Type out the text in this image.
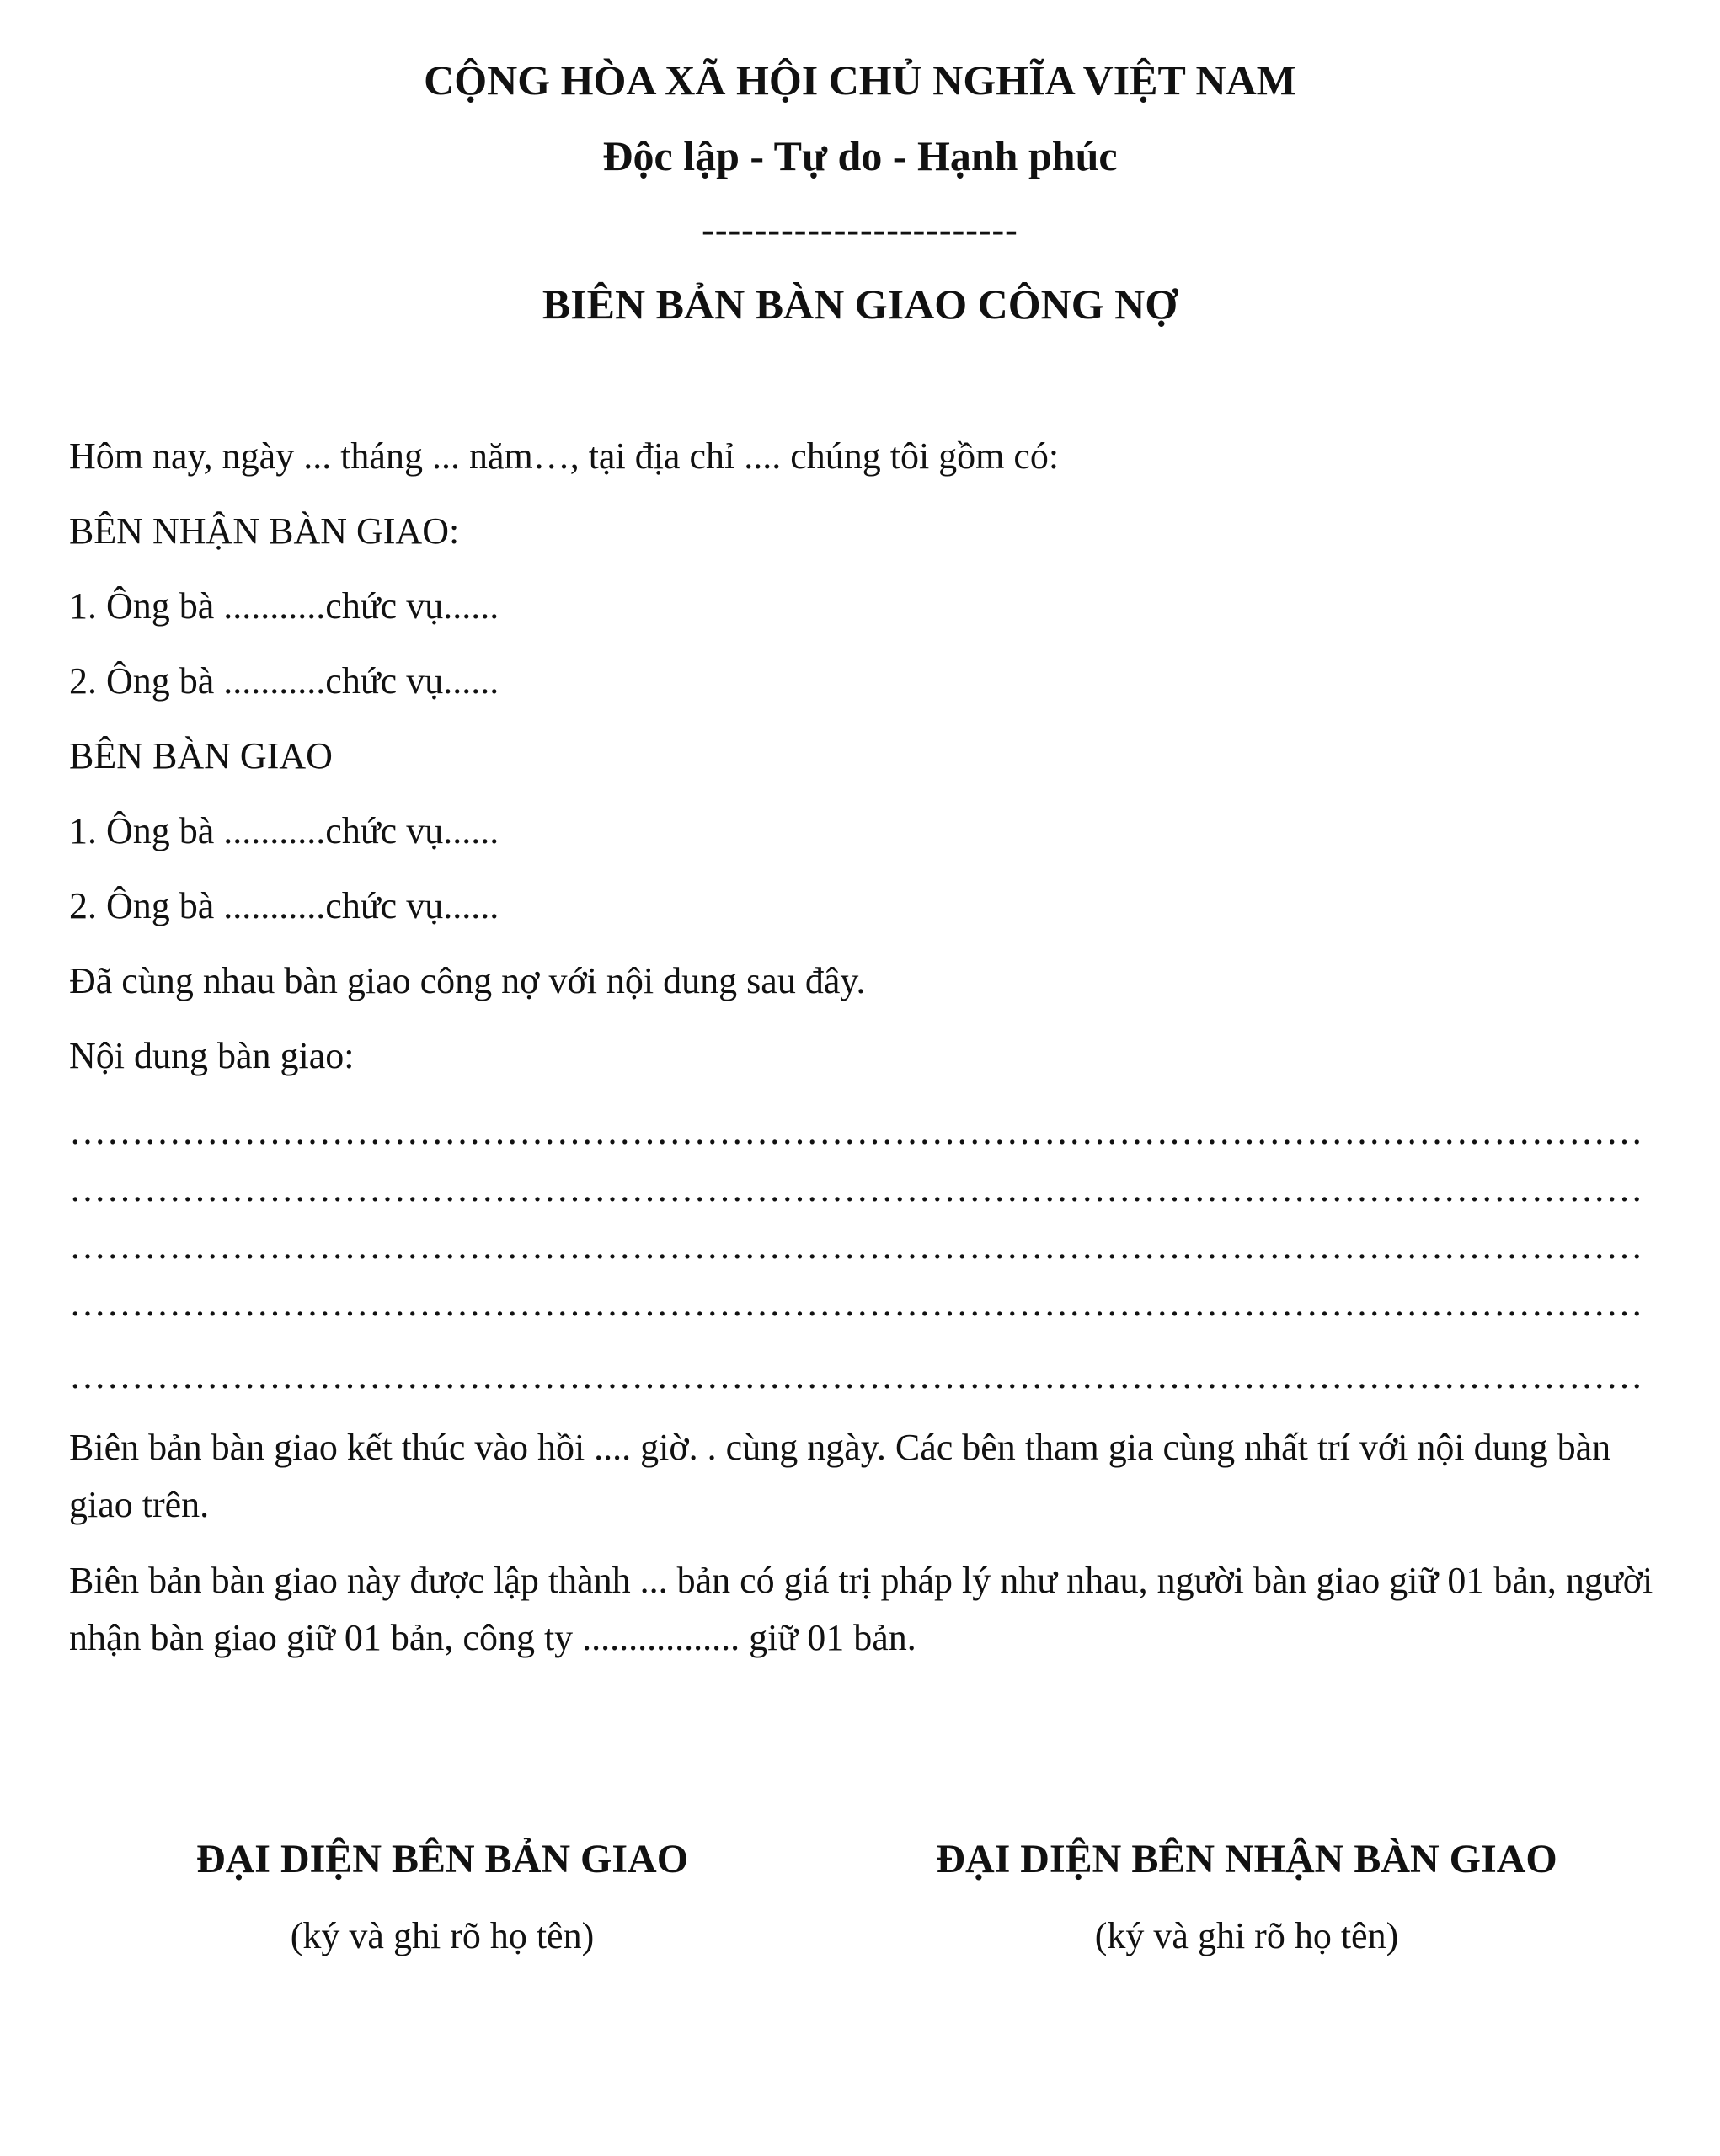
CỘNG HÒA XÃ HỘI CHỦ NGHĨA VIỆT NAM
Độc lập - Tự do - Hạnh phúc
------------------------
BIÊN BẢN BÀN GIAO CÔNG NỢ
Hôm nay, ngày ... tháng ... năm…, tại địa chỉ .... chúng tôi gồm có:
BÊN NHẬN BÀN GIAO:
1. Ông bà ...........chức vụ......
2. Ông bà ...........chức vụ......
BÊN BÀN GIAO
1. Ông bà ...........chức vụ......
2. Ông bà ...........chức vụ......
Đã cùng nhau bàn giao công nợ với nội dung sau đây.
Nội dung bàn giao:
………………………………………………………………………………………………………………
………………………………………………………………………………………………………………
………………………………………………………………………………………………………………
………………………………………………………………………………………………………………
………………………………………………………………………………………………………………
Biên bản bàn giao kết thúc vào hồi .... giờ. . cùng ngày. Các bên tham gia cùng nhất trí với nội dung bàn giao trên.
Biên bản bàn giao này được lập thành ... bản có giá trị pháp lý như nhau, người bàn giao giữ 01 bản, người nhận bàn giao giữ 01 bản, công ty ................. giữ 01 bản.
ĐẠI DIỆN BÊN BẢN GIAO
(ký và ghi rõ họ tên)
ĐẠI DIỆN BÊN NHẬN BÀN GIAO
(ký và ghi rõ họ tên)
